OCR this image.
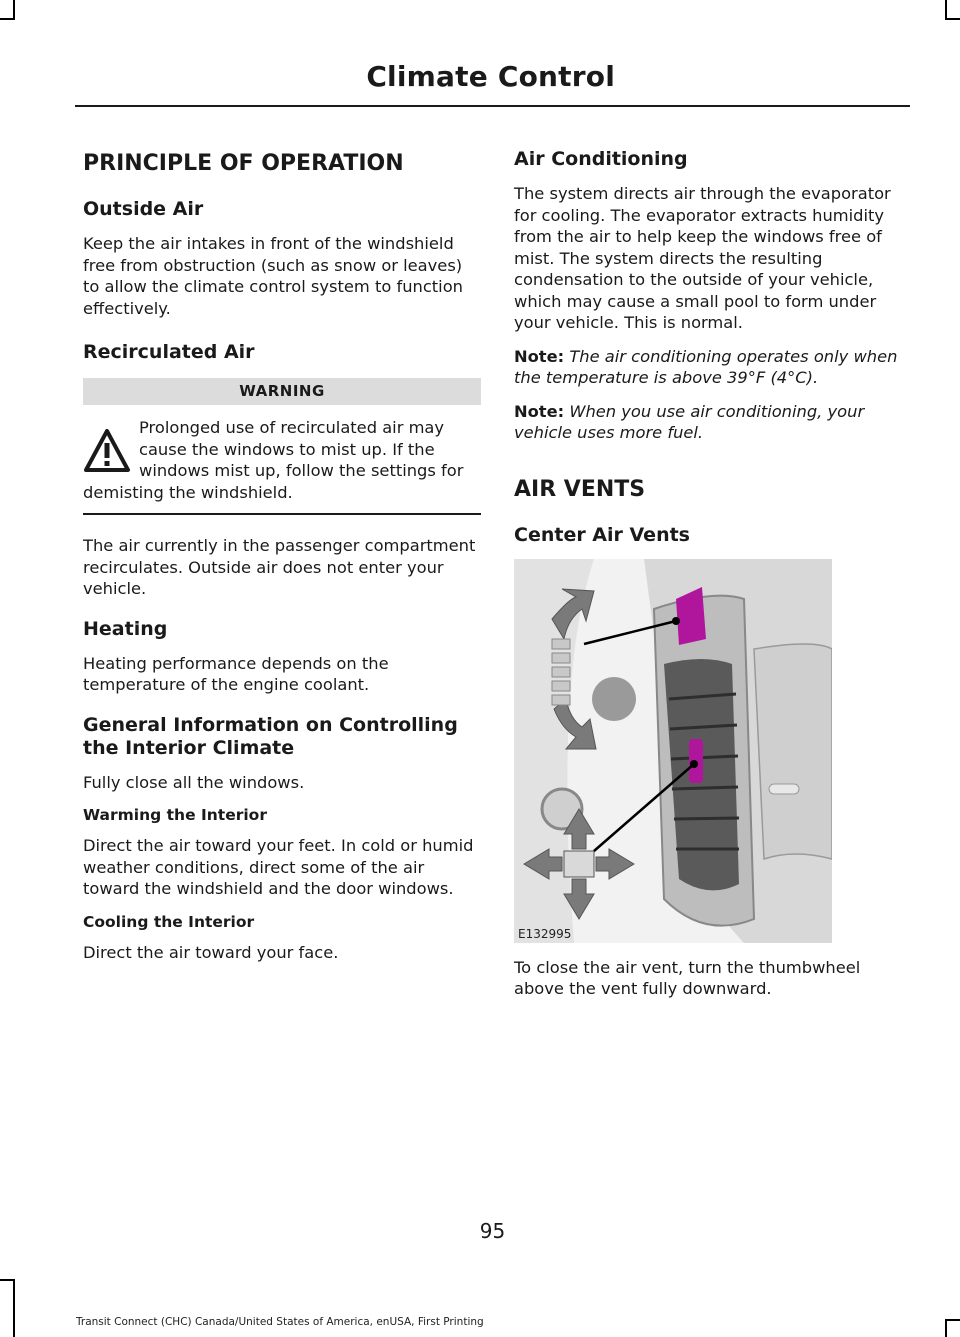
Climate Control
PRINCIPLE OF OPERATION
Outside Air

Keep the air intakes in front of the windshield free from obstruction (such as snow or leaves) to allow the climate control system to function effectively.

Recirculated Air
WARNING
Prolonged use of recirculated air may cause the windows to mist up. If the windows mist up, follow the settings for demisting the windshield.

The air currently in the passenger compartment recirculates. Outside air does not enter your vehicle.

Heating

Heating performance depends on the temperature of the engine coolant.

General Information on Controlling the Interior Climate

Fully close all the windows.

Warming the Interior

Direct the air toward your feet. In cold or humid weather conditions, direct some of the air toward the windshield and the door windows.

Cooling the Interior

Direct the air toward your face.

Air Conditioning

The system directs air through the evaporator for cooling. The evaporator extracts humidity from the air to help keep the windows free of mist. The system directs the resulting condensation to the outside of your vehicle, which may cause a small pool to form under your vehicle. This is normal.

Note: The air conditioning operates only when the temperature is above 39°F (4°C).

Note: When you use air conditioning, your vehicle uses more fuel.

AIR VENTS
Center Air Vents
E132995

To close the air vent, turn the thumbwheel above the vent fully downward.

95
Transit Connect (CHC) Canada/United States of America, enUSA, First Printing
